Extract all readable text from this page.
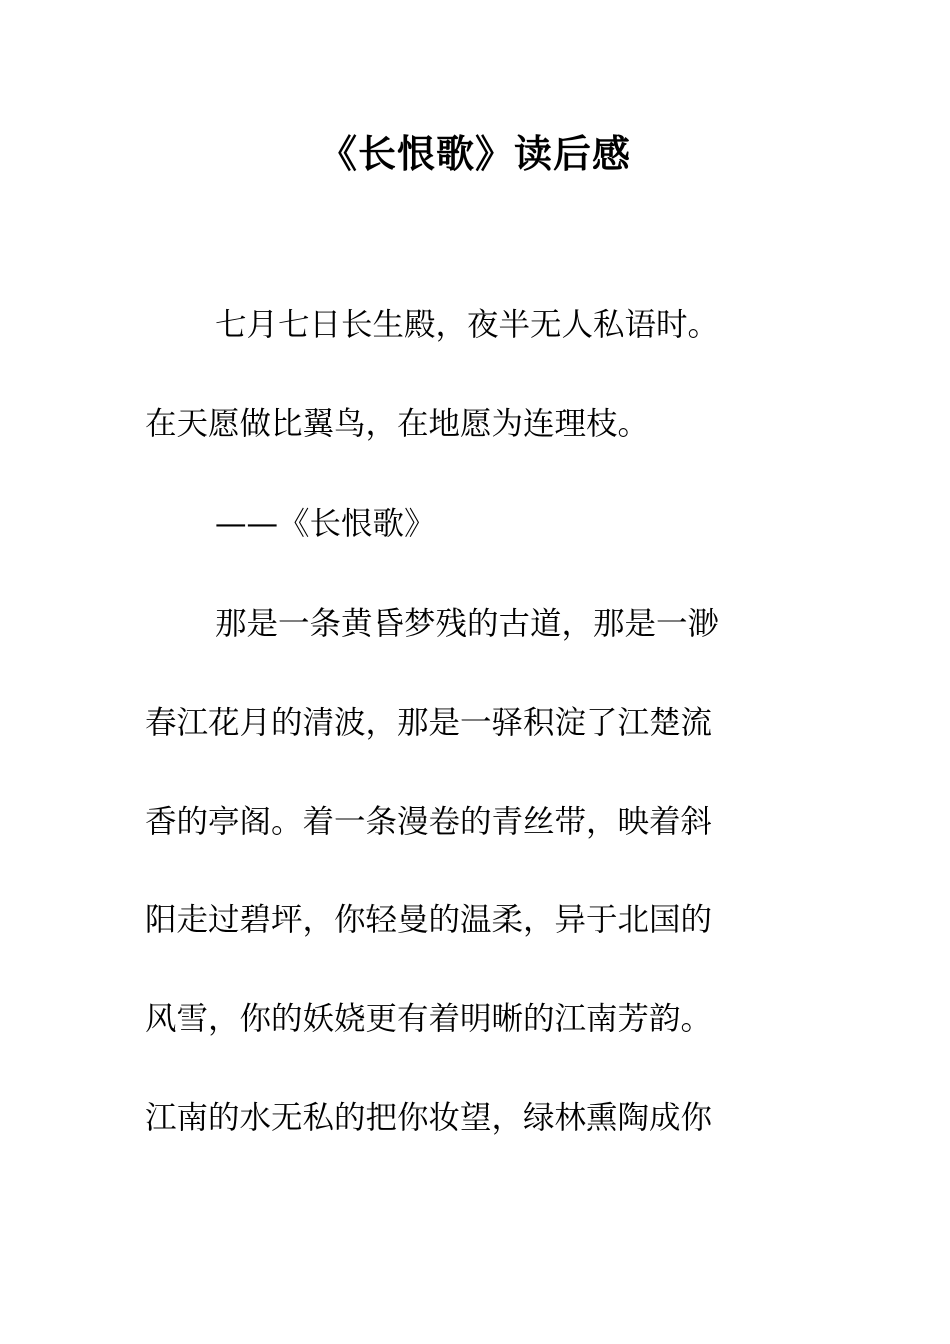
《长恨歌》读后感
七月七日长生殿，夜半无人私语时。
在天愿做比翼鸟，在地愿为连理枝。
——《长恨歌》
那是一条黄昏梦残的古道，那是一渺
春江花月的清波，那是一驿积淀了江楚流
香的亭阁。着一条漫卷的青丝带，映着斜
阳走过碧坪，你轻曼的温柔，异于北国的
风雪，你的妖娆更有着明晰的江南芳韵。
江南的水无私的把你妆望，绿林熏陶成你
